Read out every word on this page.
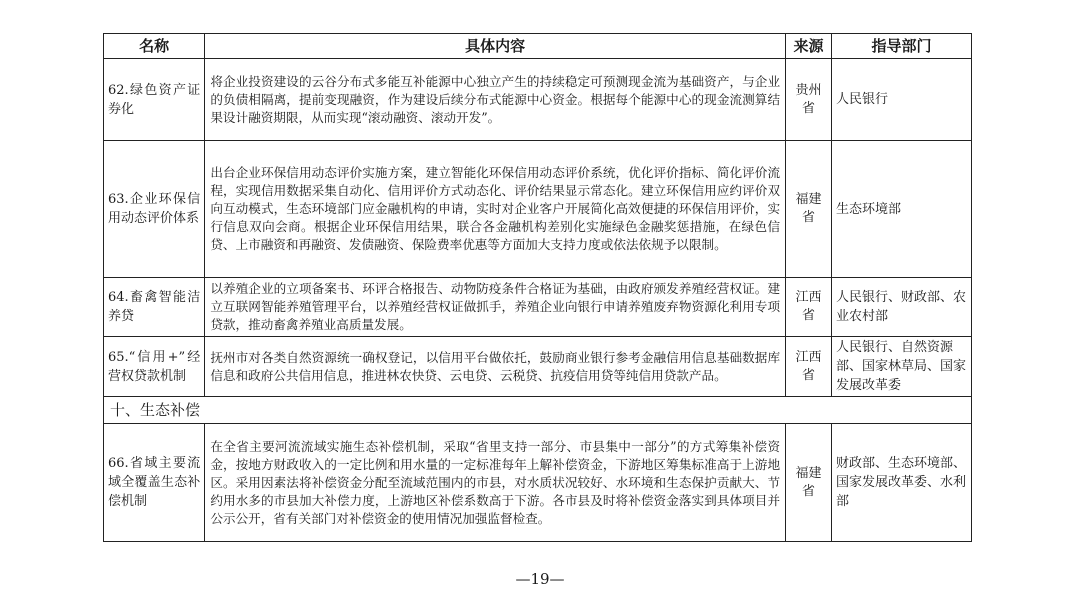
名称	具体内容	来源	指导部门
62.绿色资产证券化	将企业投资建设的云谷分布式多能互补能源中心独立产生的持续稳定可预测现金流为基础资产，与企业的负债相隔离，提前变现融资，作为建设后续分布式能源中心资金。根据每个能源中心的现金流测算结果设计融资期限，从而实现“滚动融资、滚动开发”。	贵州省	人民银行
63.企业环保信用动态评价体系	出台企业环保信用动态评价实施方案，建立智能化环保信用动态评价系统，优化评价指标、简化评价流程，实现信用数据采集自动化、信用评价方式动态化、评价结果显示常态化。建立环保信用应约评价双向互动模式，生态环境部门应金融机构的申请，实时对企业客户开展简化高效便捷的环保信用评价，实行信息双向会商。根据企业环保信用结果，联合各金融机构差别化实施绿色金融奖惩措施，在绿色信贷、上市融资和再融资、发债融资、保险费率优惠等方面加大支持力度或依法依规予以限制。	福建省	生态环境部
64.畜禽智能洁养贷	以养殖企业的立项备案书、环评合格报告、动物防疫条件合格证为基础，由政府颁发养殖经营权证。建立互联网智能养殖管理平台，以养殖经营权证做抓手，养殖企业向银行申请养殖废弃物资源化利用专项贷款，推动畜禽养殖业高质量发展。	江西省	人民银行、财政部、农业农村部
65.“信用+”经营权贷款机制	抚州市对各类自然资源统一确权登记，以信用平台做依托，鼓励商业银行参考金融信用信息基础数据库信息和政府公共信用信息，推进林农快贷、云电贷、云税贷、抗疫信用贷等纯信用贷款产品。	江西省	人民银行、自然资源部、国家林草局、国家发展改革委
十、生态补偿			
66.省域主要流域全覆盖生态补偿机制	在全省主要河流流域实施生态补偿机制，采取“省里支持一部分、市县集中一部分”的方式筹集补偿资金，按地方财政收入的一定比例和用水量的一定标准每年上解补偿资金，下游地区筹集标准高于上游地区。采用因素法将补偿资金分配至流域范围内的市县，对水质状况较好、水环境和生态保护贡献大、节约用水多的市县加大补偿力度，上游地区补偿系数高于下游。各市县及时将补偿资金落实到具体项目并公示公开，省有关部门对补偿资金的使用情况加强监督检查。	福建省	财政部、生态环境部、国家发展改革委、水利部
—19—
